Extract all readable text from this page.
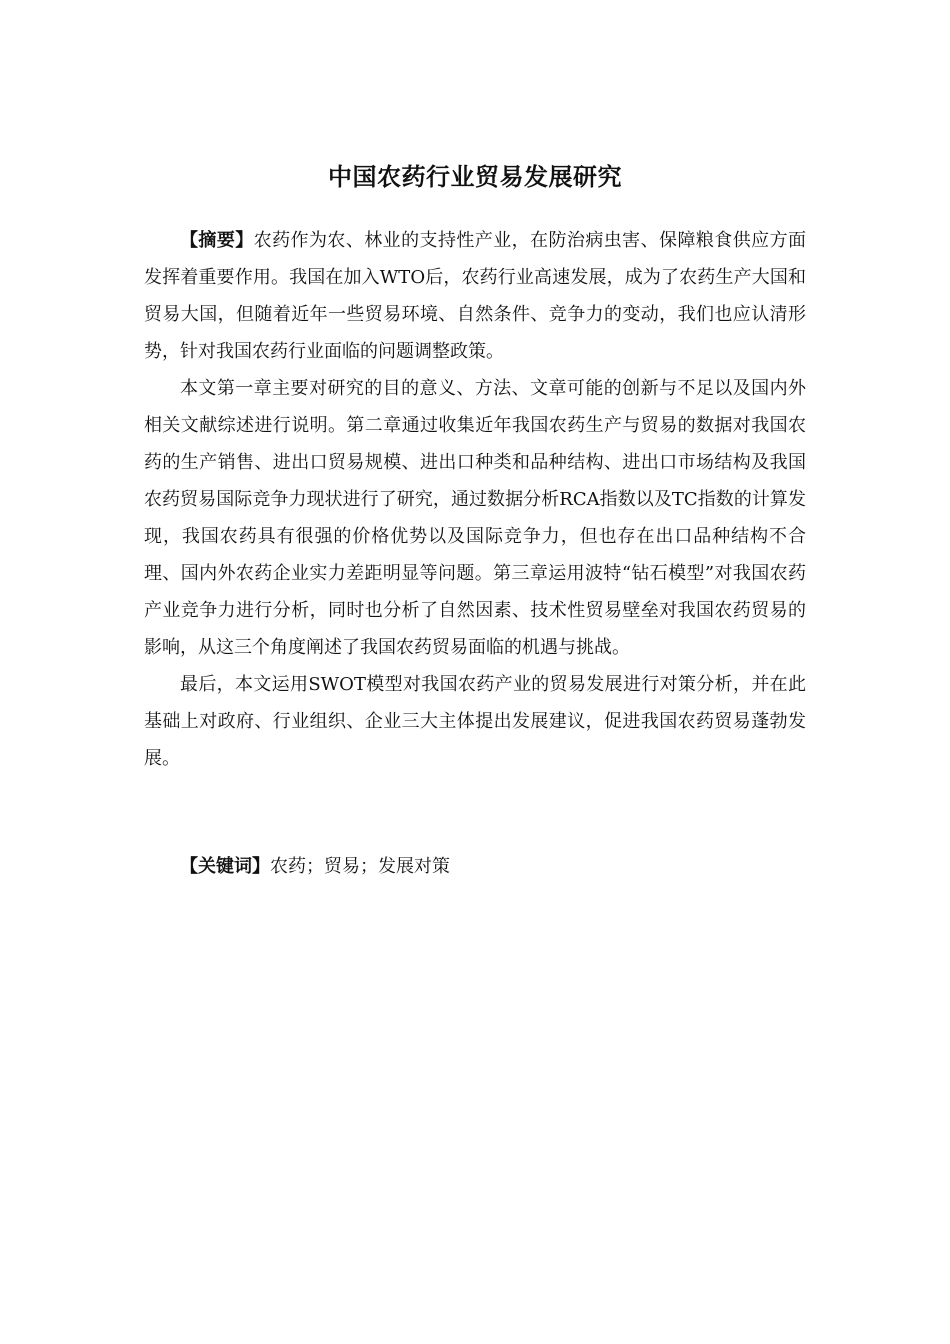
中国农药行业贸易发展研究

【摘要】农药作为农、林业的支持性产业，在防治病虫害、保障粮食供应方面发挥着重要作用。我国在加入WTO后，农药行业高速发展，成为了农药生产大国和贸易大国，但随着近年一些贸易环境、自然条件、竞争力的变动，我们也应认清形势，针对我国农药行业面临的问题调整政策。

本文第一章主要对研究的目的意义、方法、文章可能的创新与不足以及国内外相关文献综述进行说明。第二章通过收集近年我国农药生产与贸易的数据对我国农药的生产销售、进出口贸易规模、进出口种类和品种结构、进出口市场结构及我国农药贸易国际竞争力现状进行了研究，通过数据分析RCA指数以及TC指数的计算发现，我国农药具有很强的价格优势以及国际竞争力，但也存在出口品种结构不合理、国内外农药企业实力差距明显等问题。第三章运用波特“钻石模型”对我国农药产业竞争力进行分析，同时也分析了自然因素、技术性贸易壁垒对我国农药贸易的影响，从这三个角度阐述了我国农药贸易面临的机遇与挑战。

最后，本文运用SWOT模型对我国农药产业的贸易发展进行对策分析，并在此基础上对政府、行业组织、企业三大主体提出发展建议，促进我国农药贸易蓬勃发展。

【关键词】农药；贸易；发展对策
